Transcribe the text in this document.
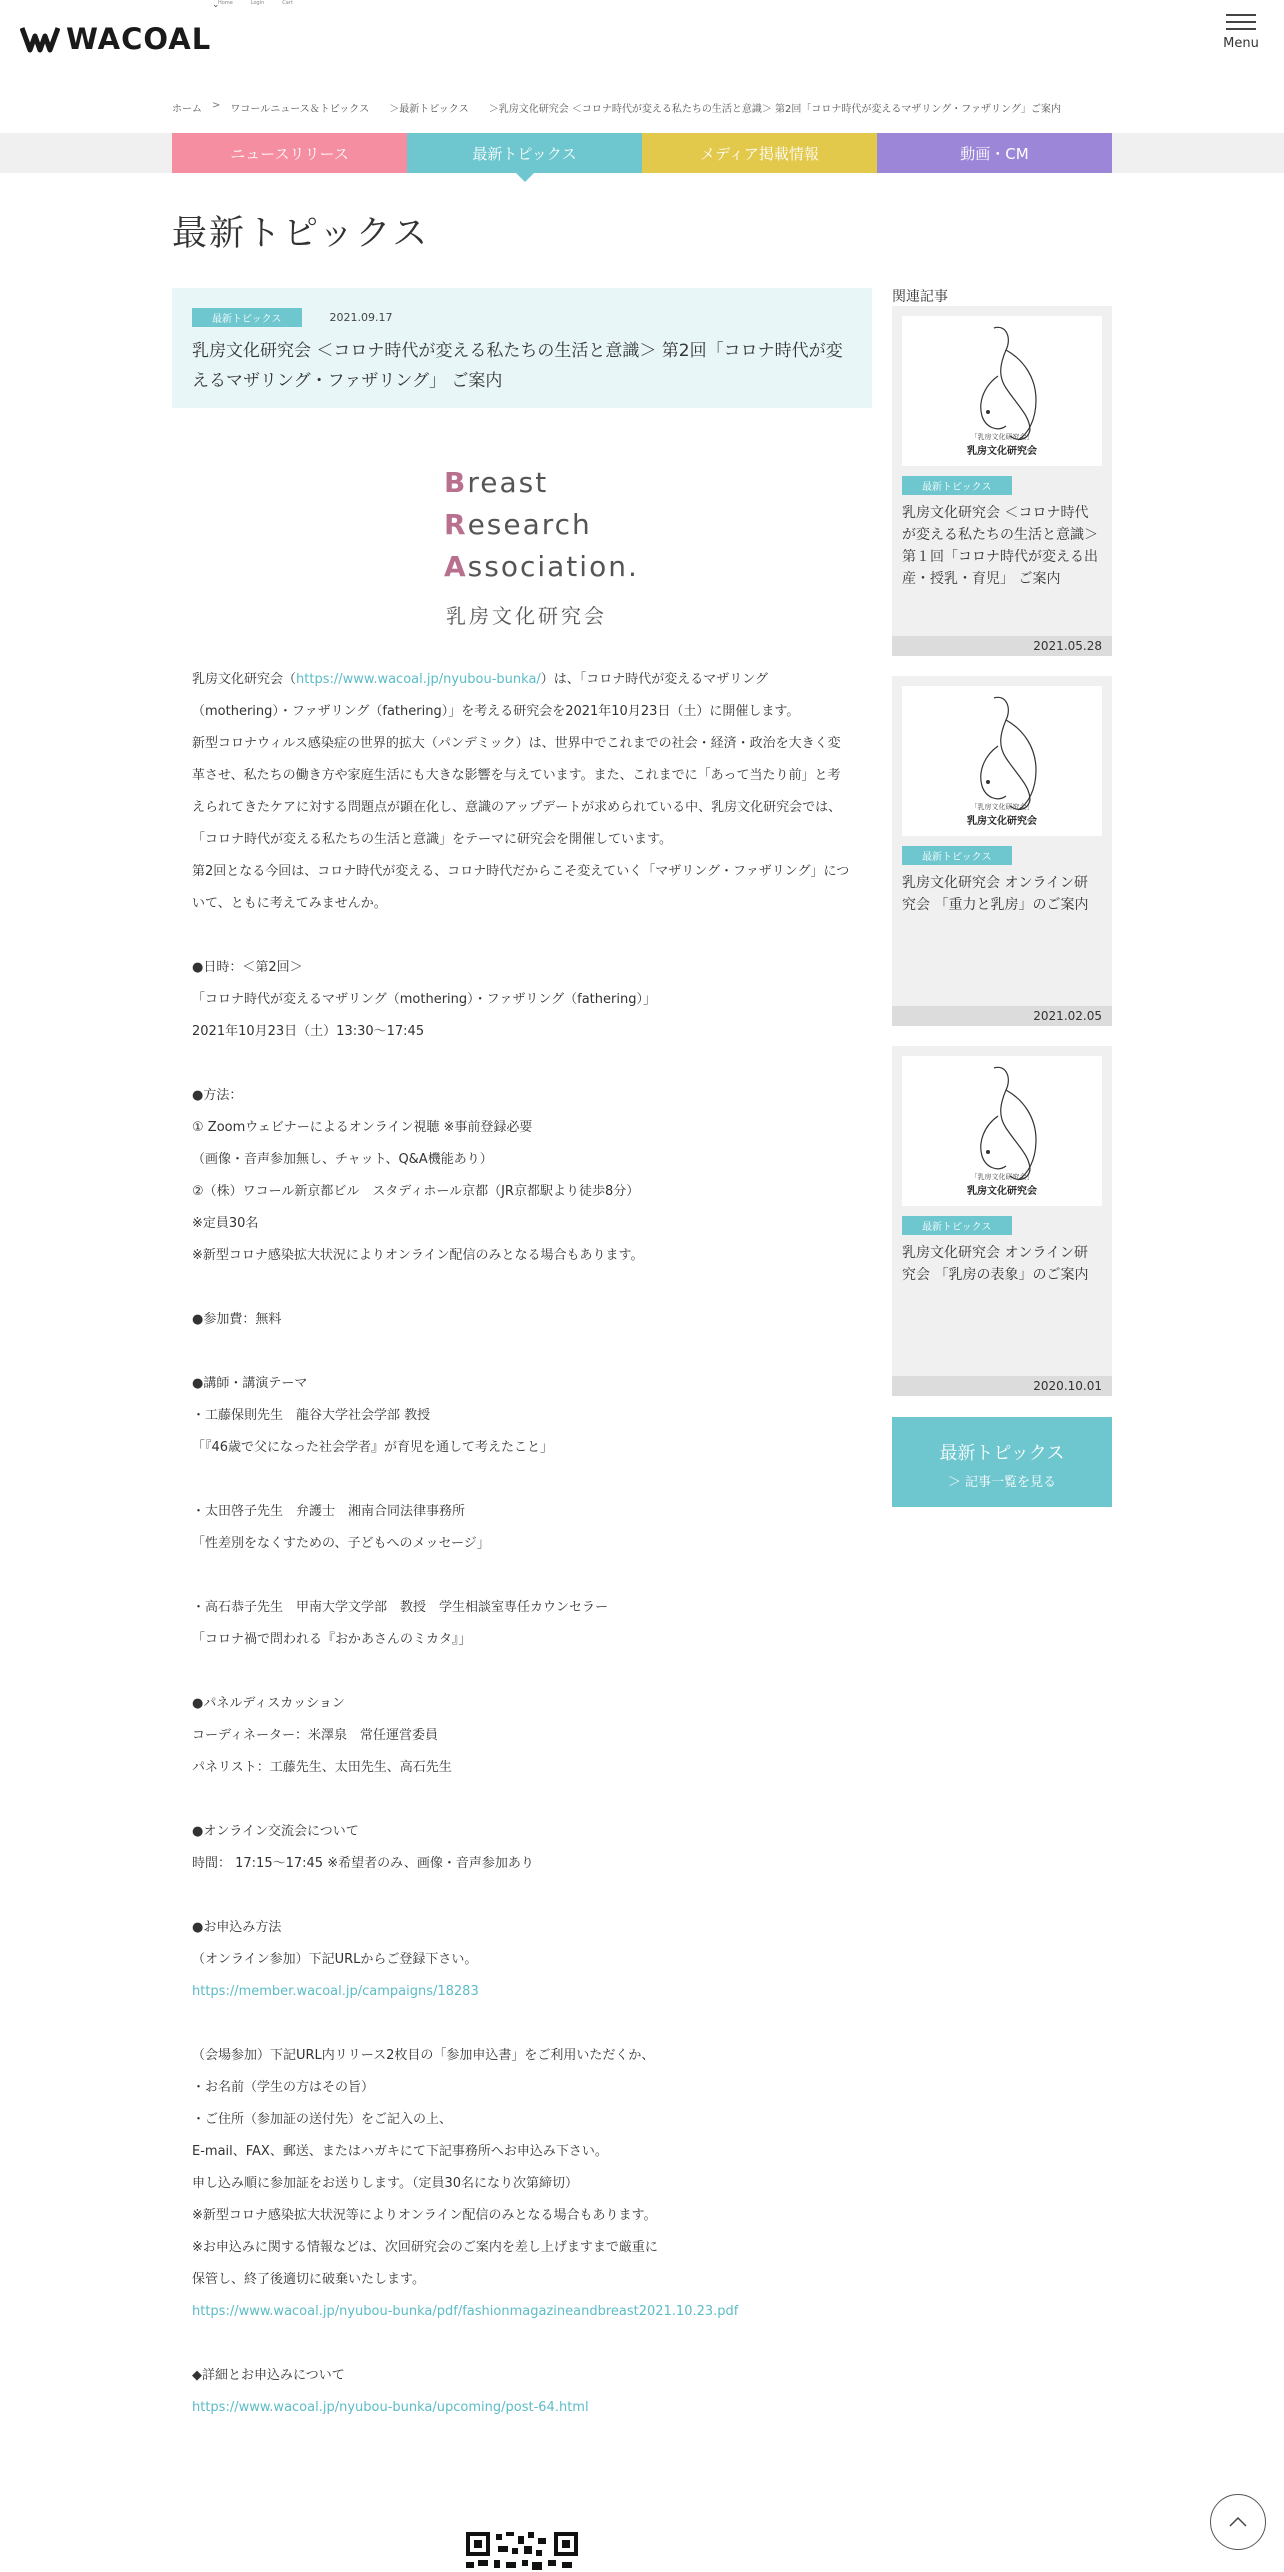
WACOAL
⌄
Home	Login	Cart
Menu
ホーム > ワコールニュース＆トピックス ＞最新トピックス ＞乳房文化研究会 ＜コロナ時代が変える私たちの生活と意識＞ 第2回「コロナ時代が変えるマザリング・ファザリング」ご案内
ニュースリリース	最新トピックス	メディア掲載情報	動画・CM
最新トピックス
最新トピックス	2021.09.17
乳房文化研究会 ＜コロナ時代が変える私たちの生活と意識＞ 第2回「コロナ時代が変えるマザリング・ファザリング」 ご案内
Breast
Research
Association.
乳房文化研究会

乳房文化研究会（https://www.wacoal.jp/nyubou-bunka/）は、「コロナ時代が変えるマザリング（mothering）・ファザリング（fathering）」を考える研究会を2021年10月23日（土）に開催します。

新型コロナウィルス感染症の世界的拡大（パンデミック）は、世界中でこれまでの社会・経済・政治を大きく変革させ、私たちの働き方や家庭生活にも大きな影響を与えています。また、これまでに「あって当たり前」と考えられてきたケアに対する問題点が顕在化し、意識のアップデートが求められている中、乳房文化研究会では、「コロナ時代が変える私たちの生活と意識」をテーマに研究会を開催しています。

第2回となる今回は、コロナ時代が変える、コロナ時代だからこそ変えていく「マザリング・ファザリング」について、ともに考えてみませんか。

●日時：＜第2回＞

「コロナ時代が変えるマザリング（mothering）・ファザリング（fathering）」

2021年10月23日（土）13:30～17:45

●方法：

① Zoomウェビナーによるオンライン視聴 ※事前登録必要

（画像・音声参加無し、チャット、Q&A機能あり）

②（株）ワコール新京都ビル　スタディホール京都（JR京都駅より徒歩8分）

※定員30名

※新型コロナ感染拡大状況によりオンライン配信のみとなる場合もあります。

●参加費：無料

●講師・講演テーマ

・工藤保則先生　龍谷大学社会学部 教授

「『46歳で父になった社会学者』が育児を通して考えたこと」

・太田啓子先生　弁護士　湘南合同法律事務所

「性差別をなくすための、子どもへのメッセージ」

・高石恭子先生　甲南大学文学部　教授　学生相談室専任カウンセラー

「コロナ禍で問われる『おかあさんのミカタ』」

●パネルディスカッション

コーディネーター：米澤泉　常任運営委員

パネリスト：工藤先生、太田先生、高石先生

●オンライン交流会について

時間： 17:15～17:45 ※希望者のみ、画像・音声参加あり

●お申込み方法

（オンライン参加）下記URLからご登録下さい。

https://member.wacoal.jp/campaigns/18283

（会場参加）下記URL内リリース2枚目の「参加申込書」をご利用いただくか、

・お名前（学生の方はその旨）

・ご住所（参加証の送付先）をご記入の上、

E-mail、FAX、郵送、またはハガキにて下記事務所へお申込み下さい。

申し込み順に参加証をお送りします。（定員30名になり次第締切）

※新型コロナ感染拡大状況等によりオンライン配信のみとなる場合もあります。

※お申込みに関する情報などは、次回研究会のご案内を差し上げますまで厳重に

保管し、終了後適切に破棄いたします。

https://www.wacoal.jp/nyubou-bunka/pdf/fashionmagazineandbreast2021.10.23.pdf

◆詳細とお申込みについて

https://www.wacoal.jp/nyubou-bunka/upcoming/post-64.html

関連記事
「乳房文化研究会」
乳房文化研究会
最新トピックス
乳房文化研究会 ＜コロナ時代が変える私たちの生活と意識＞ 第１回「コロナ時代が変える出産・授乳・育児」 ご案内
2021.05.28
「乳房文化研究会」
乳房文化研究会
最新トピックス
乳房文化研究会 オンライン研究会 「重力と乳房」のご案内
2021.02.05
「乳房文化研究会」
乳房文化研究会
最新トピックス
乳房文化研究会 オンライン研究会 「乳房の表象」のご案内
2020.10.01
最新トピックス
＞ 記事一覧を見る
